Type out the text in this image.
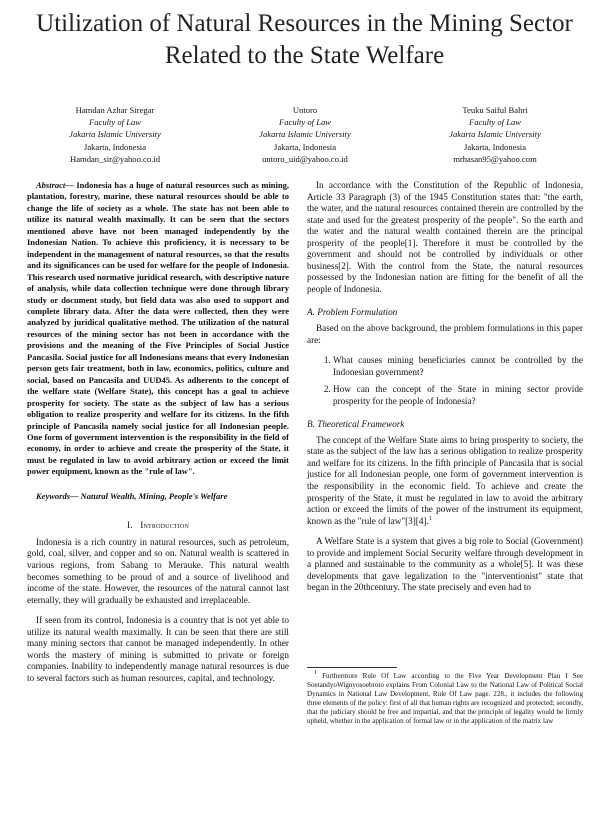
Utilization of Natural Resources in the Mining Sector Related to the State Welfare
Hamdan Azhar Siregar
Faculty of Law
Jakarta Islamic University
Jakarta, Indonesia
Hamdan_sir@yahoo.co.id
Untoro
Faculty of Law
Jakarta Islamic University
Jakarta, Indonesia
untoro_uid@yahoo.co.id
Teuku Saiful Bahri
Faculty of Law
Jakarta Islamic University
Jakarta, Indonesia
mrhasan95@yahoo.com

Abstract— Indonesia has a huge of natural resources such as mining, plantation, forestry, marine, these natural resources should be able to change the life of society as a whole. The state has not been able to utilize its natural wealth maximally. It can be seen that the sectors mentioned above have not been managed independently by the Indonesian Nation. To achieve this proficiency, it is necessary to be independent in the management of natural resources, so that the results and its significances can be used for welfare for the people of Indonesia. This research used normative juridical research, with descriptive nature of analysis, while data collection technique were done through library study or document study, but field data was also used to support and complete library data. After the data were collected, then they were analyzed by juridical qualitative method. The utilization of the natural resources of the mining sector has not been in accordance with the provisions and the meaning of the Five Principles of Social Justice Pancasila. Social justice for all Indonesians means that every Indonesian person gets fair treatment, both in law, economics, politics, culture and social, based on Pancasila and UUD45. As adherents to the concept of the welfare state (Welfare State), this concept has a goal to achieve prosperity for society. The state as the subject of law has a serious obligation to realize prosperity and welfare for its citizens. In the fifth principle of Pancasila namely social justice for all Indonesian people. One form of government intervention is the responsibility in the field of economy, in order to achieve and create the prosperity of the State, it must be regulated in law to avoid arbitrary action or exceed the limit power equipment, known as the "rule of law".

Keywords— Natural Wealth, Mining, People's Welfare

I. Introduction

Indonesia is a rich country in natural resources, such as petroleum, gold, coal, silver, and copper and so on. Natural wealth is scattered in various regions, from Sabang to Merauke. This natural wealth becomes something to be proud of and a source of livelihood and income of the state. However, the resources of the natural cannot last eternally, they will gradually be exhausted and irreplaceable.

If seen from its control, Indonesia is a country that is not yet able to utilize its natural wealth maximally. It can be seen that there are still many mining sectors that cannot be managed independently. In other words the mastery of mining is submitted to private or foreign companies. Inability to independently manage natural resources is due to several factors such as human resources, capital, and technology.

In accordance with the Constitution of the Republic of Indonesia, Article 33 Paragraph (3) of the 1945 Constitution states that: "the earth, the water, and the natural resources contained therein are controlled by the state and used for the greatest prosperity of the people". So the earth and the water and the natural wealth contained therein are the principal prosperity of the people[1]. Therefore it must be controlled by the government and should not be controlled by individuals or other business[2]. With the control from the State, the natural resources possessed by the Indonesian nation are fitting for the benefit of all the people of Indonesia.

A. Problem Formulation

Based on the above background, the problem formulations in this paper are:

1. What causes mining beneficiaries cannot be controlled by the Indonesian government?
2. How can the concept of the State in mining sector provide prosperity for the people of Indonesia?
B. Theoretical Framework

The concept of the Welfare State aims to bring prosperity to society, the state as the subject of the law has a serious obligation to realize prosperity and welfare for its citizens. In the fifth principle of Pancasila that is social justice for all Indonesian people, one form of government intervention is the responsibility in the economic field. To achieve and create the prosperity of the State, it must be regulated in law to avoid the arbitrary action or exceed the limits of the power of the instrument its equipment, known as the "rule of law"[3][4].$^1$

A Welfare State is a system that gives a big role to Social (Government) to provide and implement Social Security welfare through development in a planned and sustainable to the community as a whole[5]. It was these developments that gave legalization to the "interventionist" state that began in the 20thcentury. The state precisely and even had to

$^1$ Furthermore Rule Of Law according to the Five Year Development Plan I See SoetandyoWignyosoebroto explains From Colonial Law to the National Law of Political Social Dynamics in National Law Development, Rule Of Law page. 228., it includes the following three elements of the policy: first of all that human rights are recognized and protected; secondly, that the judiciary should be free and impartial, and that the principle of legality would be firmly upheld, whether in the application of formal law or in the application of the matrix law
